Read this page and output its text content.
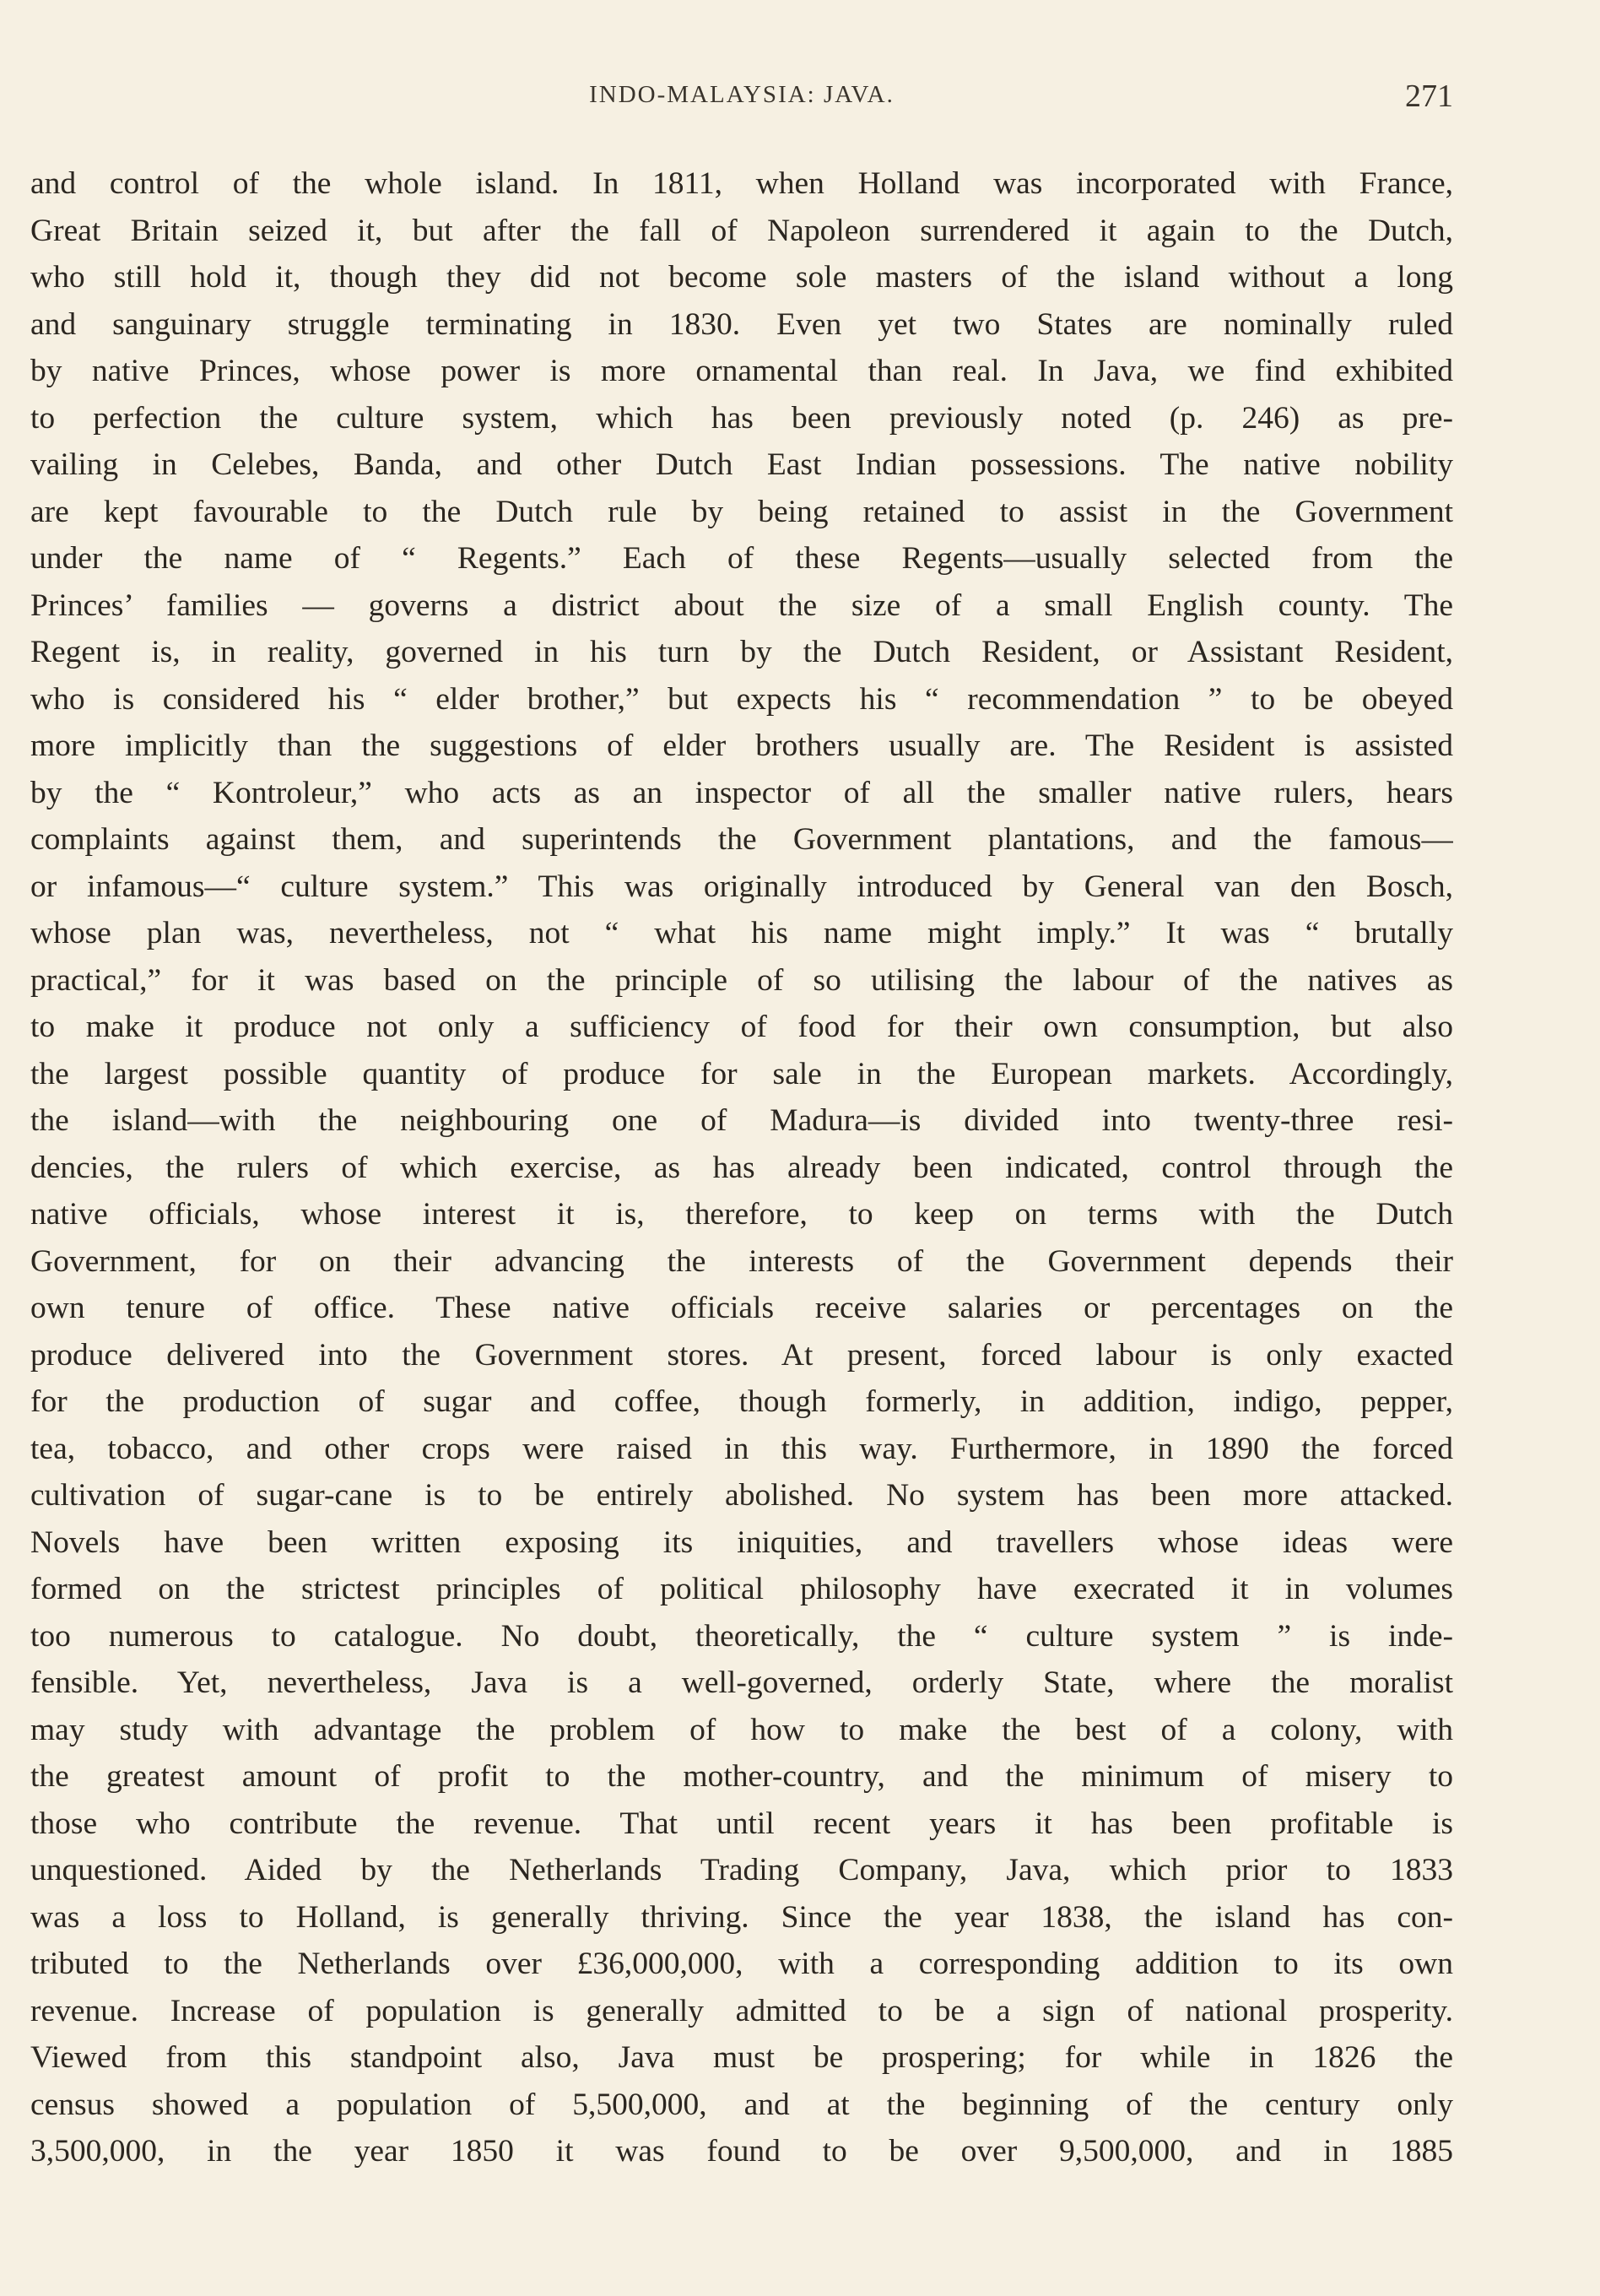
INDO-MALAYSIA: JAVA.	271
and control of the whole island. In 1811, when Holland was incorporated with France,
Great Britain seized it, but after the fall of Napoleon surrendered it again to the Dutch,
who still hold it, though they did not become sole masters of the island without a long
and sanguinary struggle terminating in 1830. Even yet two States are nominally ruled
by native Princes, whose power is more ornamental than real. In Java, we find exhibited
to perfection the culture system, which has been previously noted (p. 246) as pre-
vailing in Celebes, Banda, and other Dutch East Indian possessions. The native nobility
are kept favourable to the Dutch rule by being retained to assist in the Government
under the name of “ Regents.” Each of these Regents—usually selected from the
Princes’ families — governs a district about the size of a small English county. The
Regent is, in reality, governed in his turn by the Dutch Resident, or Assistant Resident,
who is considered his “ elder brother,” but expects his “ recommendation ” to be obeyed
more implicitly than the suggestions of elder brothers usually are. The Resident is assisted
by the “ Kontroleur,” who acts as an inspector of all the smaller native rulers, hears
complaints against them, and superintends the Government plantations, and the famous—
or infamous—“ culture system.” This was originally introduced by General van den Bosch,
whose plan was, nevertheless, not “ what his name might imply.” It was “ brutally
practical,” for it was based on the principle of so utilising the labour of the natives as
to make it produce not only a sufficiency of food for their own consumption, but also
the largest possible quantity of produce for sale in the European markets. Accordingly,
the island—with the neighbouring one of Madura—is divided into twenty-three resi-
dencies, the rulers of which exercise, as has already been indicated, control through the
native officials, whose interest it is, therefore, to keep on terms with the Dutch
Government, for on their advancing the interests of the Government depends their
own tenure of office. These native officials receive salaries or percentages on the
produce delivered into the Government stores. At present, forced labour is only exacted
for the production of sugar and coffee, though formerly, in addition, indigo, pepper,
tea, tobacco, and other crops were raised in this way. Furthermore, in 1890 the forced
cultivation of sugar-cane is to be entirely abolished. No system has been more attacked.
Novels have been written exposing its iniquities, and travellers whose ideas were
formed on the strictest principles of political philosophy have execrated it in volumes
too numerous to catalogue. No doubt, theoretically, the “ culture system ” is inde-
fensible. Yet, nevertheless, Java is a well-governed, orderly State, where the moralist
may study with advantage the problem of how to make the best of a colony, with
the greatest amount of profit to the mother-country, and the minimum of misery to
those who contribute the revenue. That until recent years it has been profitable is
unquestioned. Aided by the Netherlands Trading Company, Java, which prior to 1833
was a loss to Holland, is generally thriving. Since the year 1838, the island has con-
tributed to the Netherlands over £36,000,000, with a corresponding addition to its own
revenue. Increase of population is generally admitted to be a sign of national prosperity.
Viewed from this standpoint also, Java must be prospering; for while in 1826 the
census showed a population of 5,500,000, and at the beginning of the century only
3,500,000, in the year 1850 it was found to be over 9,500,000, and in 1885
